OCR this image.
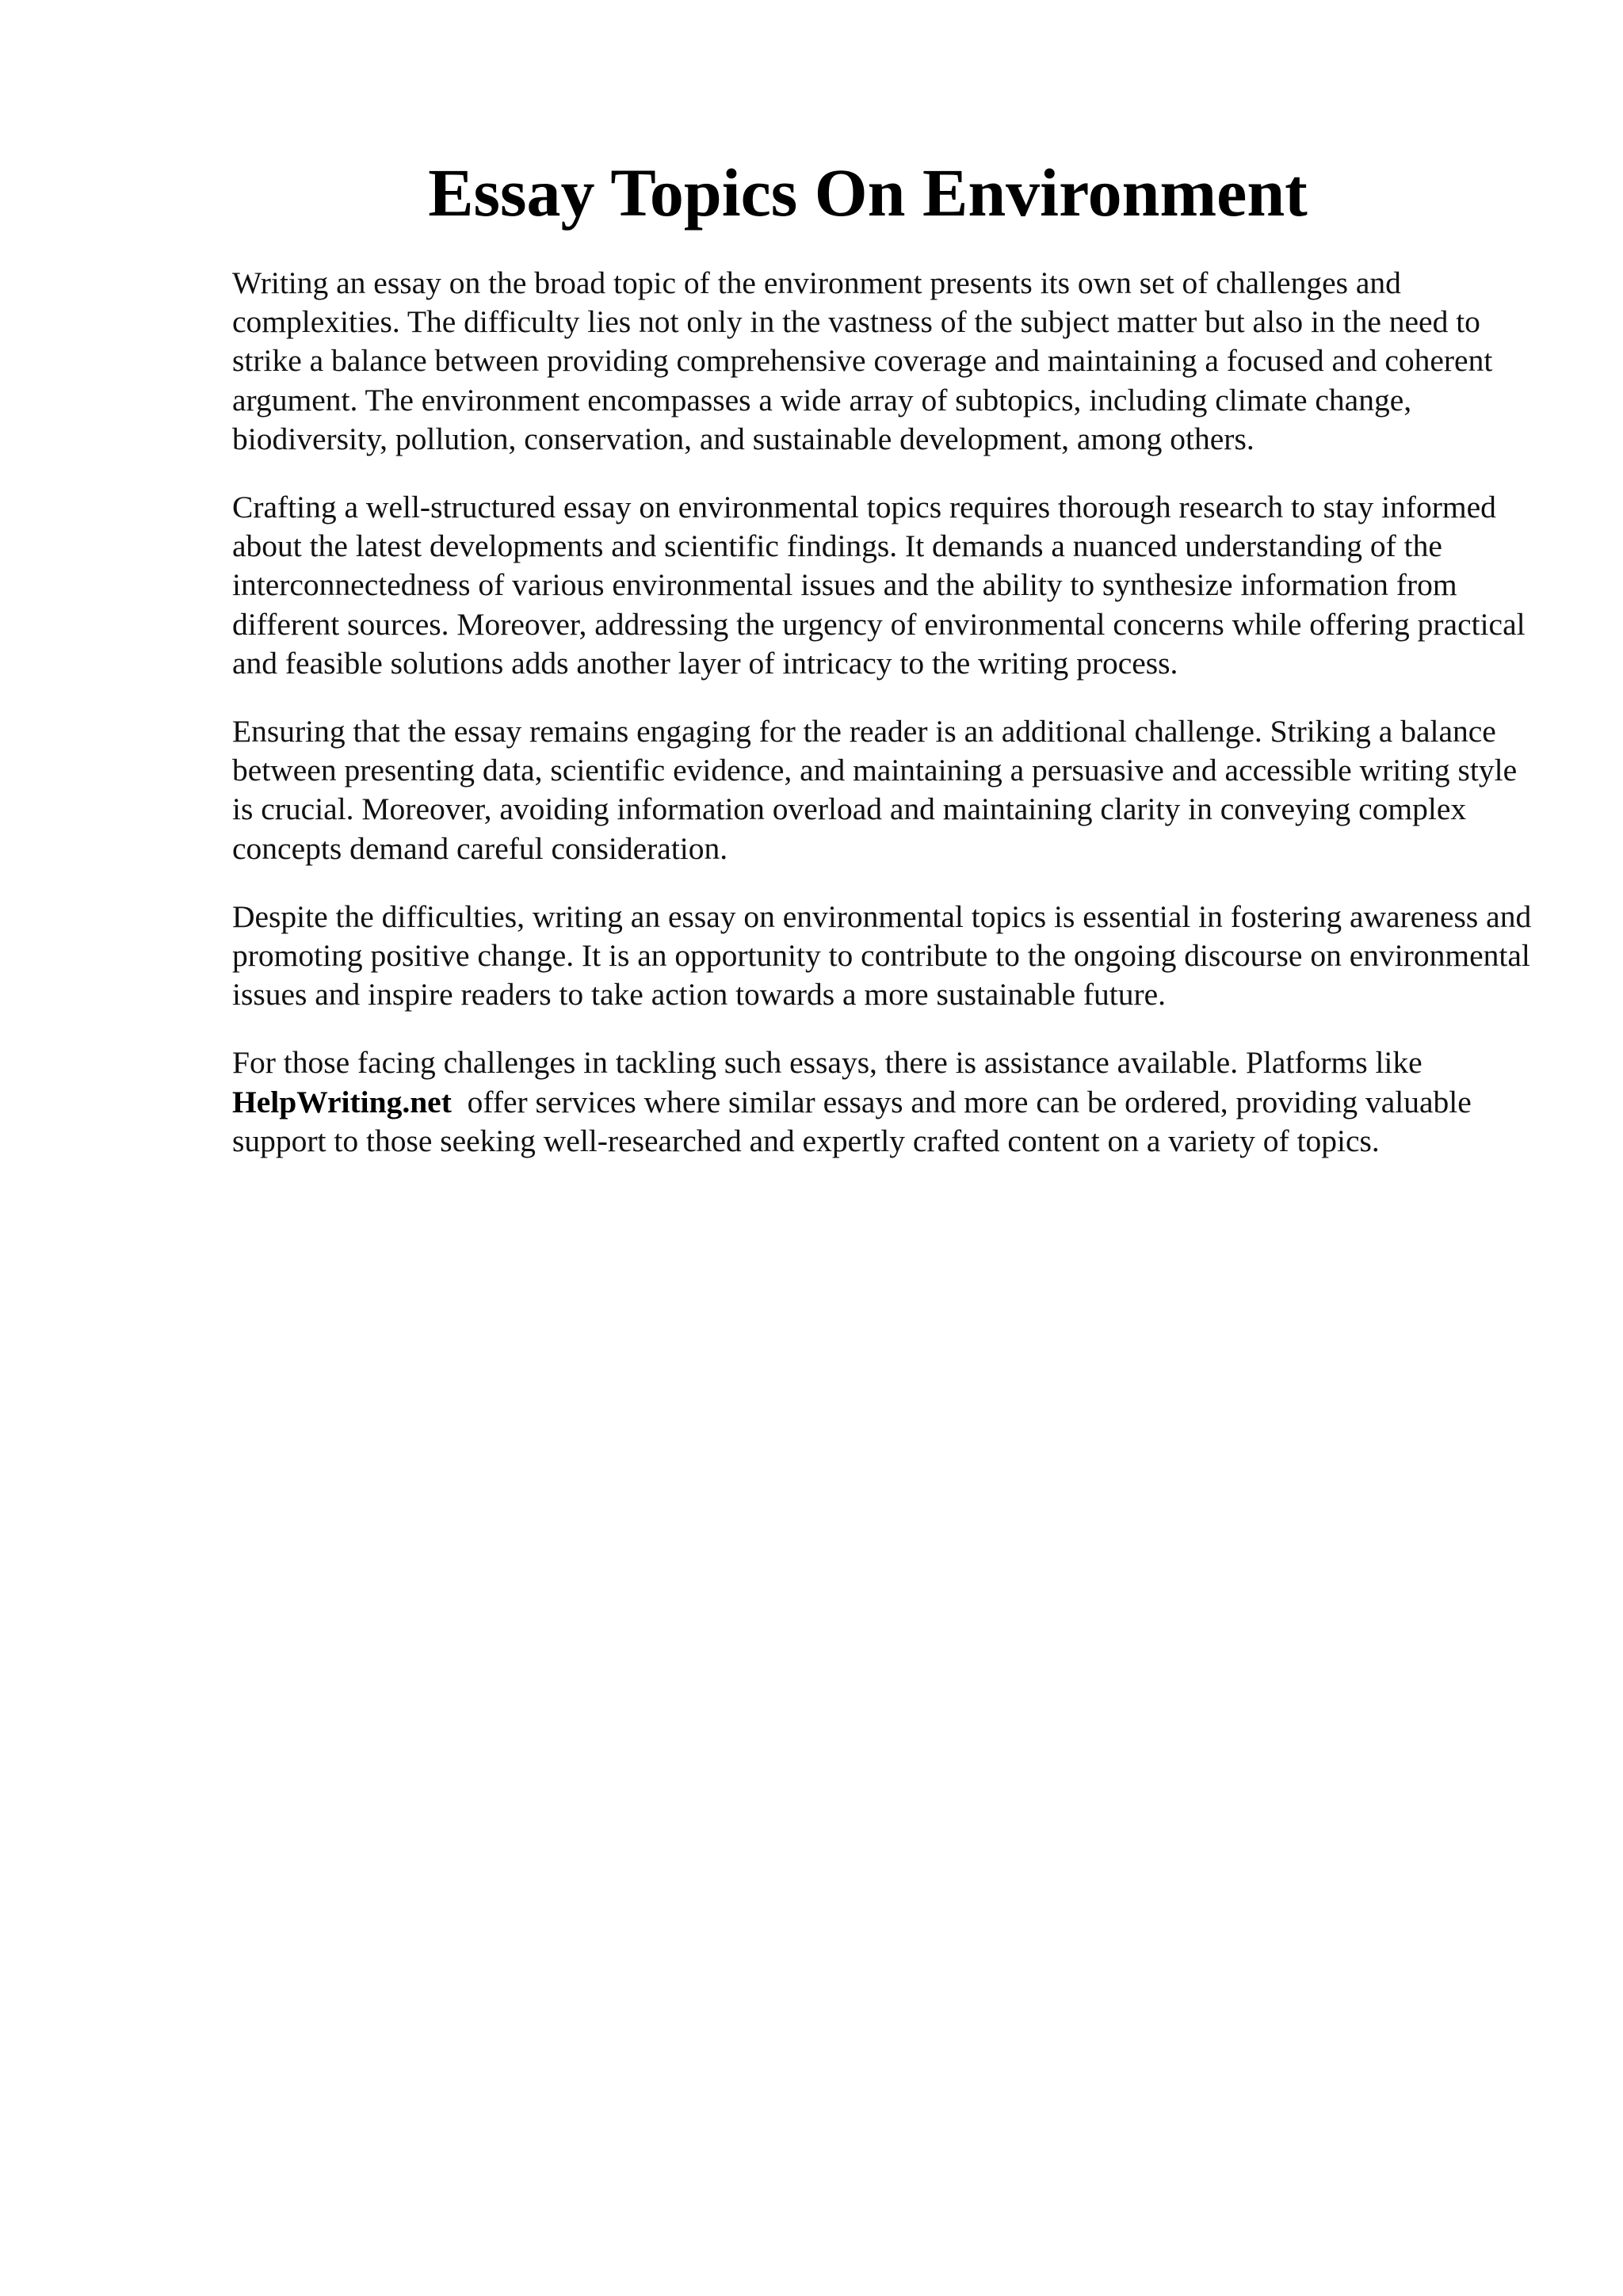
Essay Topics On Environment

Writing an essay on the broad topic of the environment presents its own set of challenges and complexities. The difficulty lies not only in the vastness of the subject matter but also in the need to strike a balance between providing comprehensive coverage and maintaining a focused and coherent argument. The environment encompasses a wide array of subtopics, including climate change, biodiversity, pollution, conservation, and sustainable development, among others.

Crafting a well-structured essay on environmental topics requires thorough research to stay informed about the latest developments and scientific findings. It demands a nuanced understanding of the interconnectedness of various environmental issues and the ability to synthesize information from different sources. Moreover, addressing the urgency of environmental concerns while offering practical and feasible solutions adds another layer of intricacy to the writing process.

Ensuring that the essay remains engaging for the reader is an additional challenge. Striking a balance between presenting data, scientific evidence, and maintaining a persuasive and accessible writing style is crucial. Moreover, avoiding information overload and maintaining clarity in conveying complex concepts demand careful consideration.

Despite the difficulties, writing an essay on environmental topics is essential in fostering awareness and promoting positive change. It is an opportunity to contribute to the ongoing discourse on environmental issues and inspire readers to take action towards a more sustainable future.

For those facing challenges in tackling such essays, there is assistance available. Platforms like HelpWriting.net  offer services where similar essays and more can be ordered, providing valuable support to those seeking well-researched and expertly crafted content on a variety of topics.
